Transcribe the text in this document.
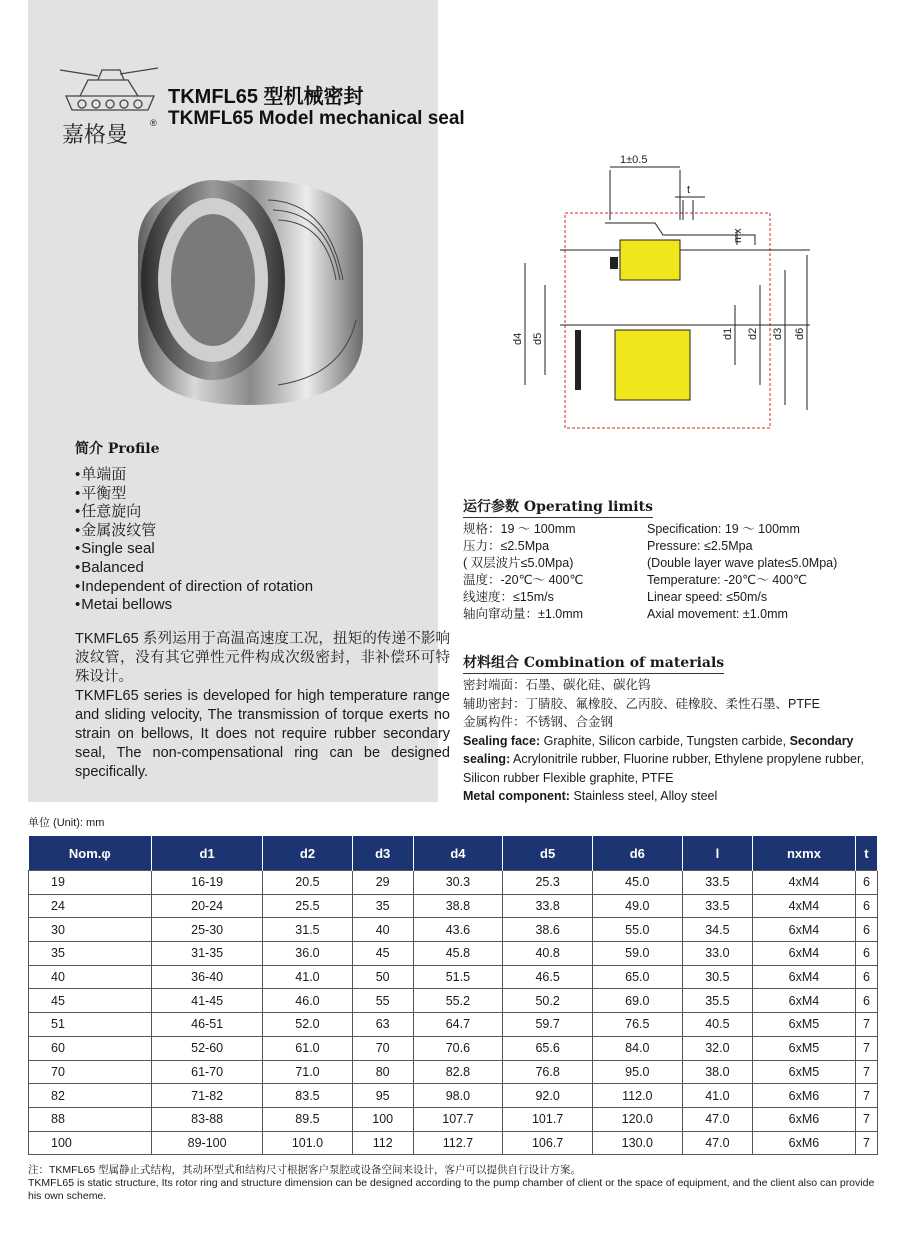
嘉格曼 ®
TKMFL65 型机械密封
TKMFL65 Model mechanical seal
简介 Profile
• 单端面
• 平衡型
• 任意旋向
• 金属波纹管
• Single seal
• Balanced
• Independent of direction of rotation
• Metai bellows

TKMFL65 系列运用于高温高速度工况，扭矩的传递不影响波纹管，没有其它弹性元件构成次级密封，非补偿环可特殊设计。

TKMFL65 series is developed for high temperature range and sliding velocity, The transmission of torque exerts no strain on bellows, It does not require rubber secondary seal, The non-compensational ring can be designed specifically.

1±0.5
t
mx
d4 d5	d1 d2 d3 d6
运行参数 Operating limits
规格：19 ～ 100mm	Specification: 19 ～ 100mm
压力：≤2.5Mpa	Pressure: ≤2.5Mpa
( 双层波片≤5.0Mpa)	(Double layer wave plate≤5.0Mpa)
温度：-20℃～ 400℃	Temperature: -20℃～ 400℃
线速度：≤15m/s	Linear speed: ≤50m/s
轴向窜动量：±1.0mm	Axial movement: ±1.0mm
材料组合 Combination of materials

密封端面：石墨、碳化硅、碳化钨

辅助密封：丁腈胶、氟橡胶、乙丙胶、硅橡胶、柔性石墨、PTFE

金属构件：不锈钢、合金钢

Sealing face: Graphite, Silicon carbide, Tungsten carbide, Secondary sealing: Acrylonitrile rubber, Fluorine rubber, Ethylene propylene rubber, Silicon rubber Flexible graphite, PTFE

Metal component: Stainless steel, Alloy steel

单位 (Unit): mm
Nom.φ	d1	d2	d3	d4	d5	d6	l	nxmx	t
19	16-19	20.5	29	30.3	25.3	45.0	33.5	4xM4	6
24	20-24	25.5	35	38.8	33.8	49.0	33.5	4xM4	6
30	25-30	31.5	40	43.6	38.6	55.0	34.5	6xM4	6
35	31-35	36.0	45	45.8	40.8	59.0	33.0	6xM4	6
40	36-40	41.0	50	51.5	46.5	65.0	30.5	6xM4	6
45	41-45	46.0	55	55.2	50.2	69.0	35.5	6xM4	6
51	46-51	52.0	63	64.7	59.7	76.5	40.5	6xM5	7
60	52-60	61.0	70	70.6	65.6	84.0	32.0	6xM5	7
70	61-70	71.0	80	82.8	76.8	95.0	38.0	6xM5	7
82	71-82	83.5	95	98.0	92.0	112.0	41.0	6xM6	7
88	83-88	89.5	100	107.7	101.7	120.0	47.0	6xM6	7
100	89-100	101.0	112	112.7	106.7	130.0	47.0	6xM6	7

注：TKMFL65 型属静止式结构，其动环型式和结构尺寸根据客户泵腔或设备空间来设计，客户可以提供自行设计方案。

TKMFL65 is static structure, Its rotor ring and structure dimension can be designed according to the pump chamber of client or the space of equipment, and the client also can provide his own scheme.
